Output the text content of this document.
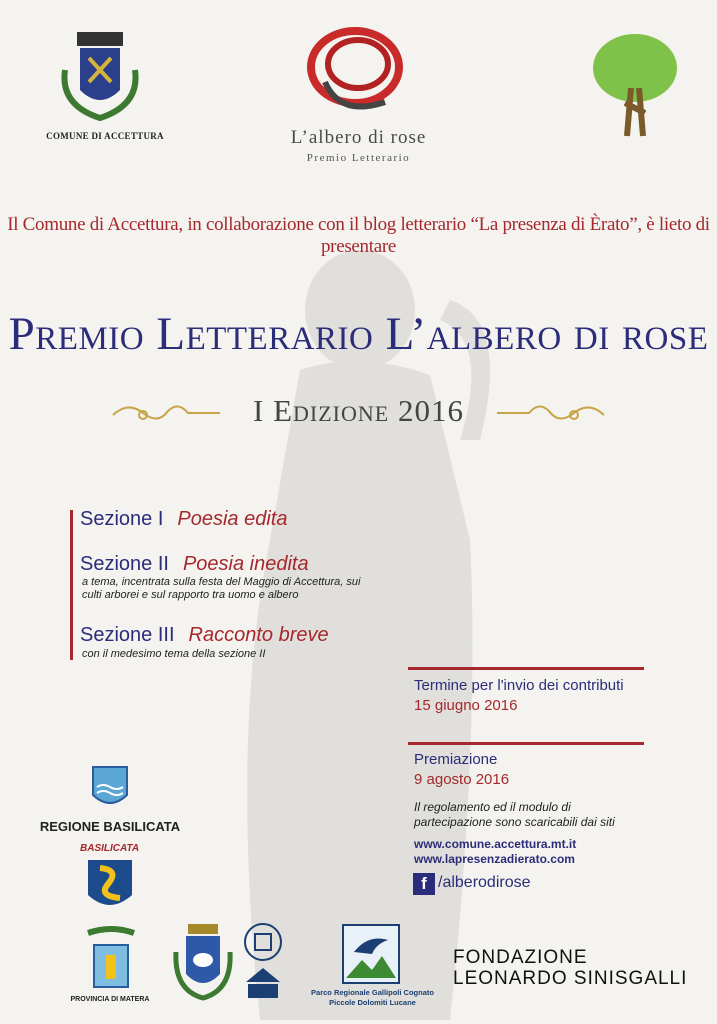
COMUNE DI ACCETTURA	L’albero di rose
Premio Letterario
Il Comune di Accettura, in collaborazione con il blog letterario “La presenza di Èrato”, è lieto di presentare
Premio Letterario L’albero di rose
I Edizione 2016
Sezione I Poesia edita
Sezione II Poesia inedita
a tema, incentrata sulla festa del Maggio di Accettura, sui culti arborei e sul rapporto tra uomo e albero
Sezione III Racconto breve
con il medesimo tema della sezione II
Termine per l'invio dei contributi
15 giugno 2016
Premiazione
9 agosto 2016
Il regolamento ed il modulo di partecipazione sono scaricabili dai siti
www.comune.accettura.mt.it
www.lapresenzadierato.com
f /alberodirose
REGIONE BASILICATA
BASILICATA
PROVINCIA DI MATERA
Parco Regionale Gallipoli Cognato Piccole Dolomiti Lucane
FONDAZIONE
LEONARDO SINISGALLI
